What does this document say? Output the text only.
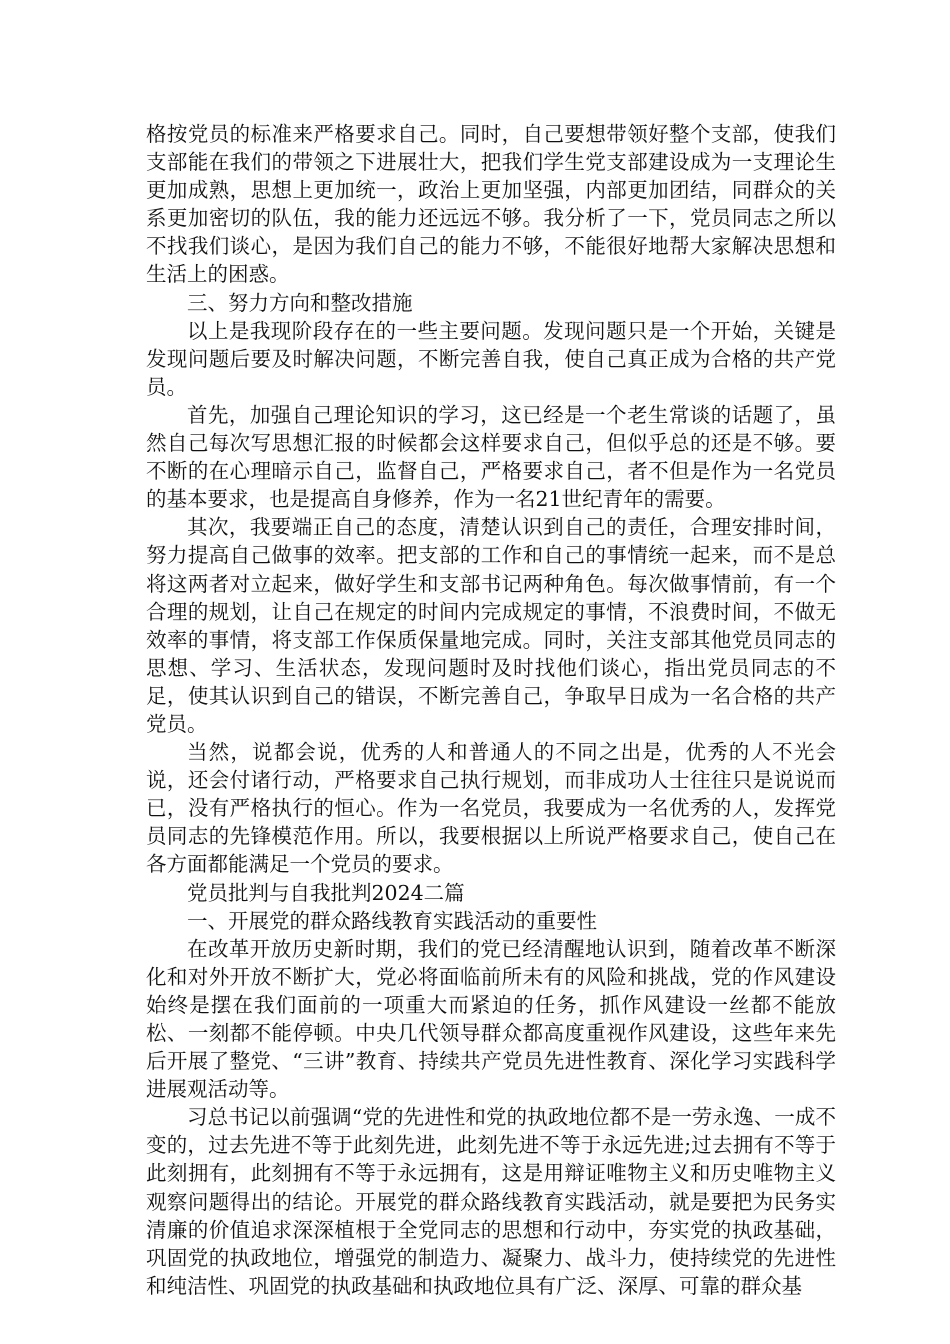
格按党员的标准来严格要求自己。同时，自己要想带领好整个支部，使我们支部能在我们的带领之下进展壮大，把我们学生党支部建设成为一支理论生更加成熟，思想上更加统一，政治上更加坚强，内部更加团结，同群众的关系更加密切的队伍，我的能力还远远不够。我分析了一下，党员同志之所以不找我们谈心，是因为我们自己的能力不够，不能很好地帮大家解决思想和生活上的困惑。

三、努力方向和整改措施

以上是我现阶段存在的一些主要问题。发现问题只是一个开始，关键是发现问题后要及时解决问题，不断完善自我，使自己真正成为合格的共产党员。

首先，加强自己理论知识的学习，这已经是一个老生常谈的话题了，虽然自己每次写思想汇报的时候都会这样要求自己，但似乎总的还是不够。要不断的在心理暗示自己，监督自己，严格要求自己，者不但是作为一名党员的基本要求，也是提高自身修养，作为一名21世纪青年的需要。

其次，我要端正自己的态度，清楚认识到自己的责任，合理安排时间，努力提高自己做事的效率。把支部的工作和自己的事情统一起来，而不是总将这两者对立起来，做好学生和支部书记两种角色。每次做事情前，有一个合理的规划，让自己在规定的时间内完成规定的事情，不浪费时间，不做无效率的事情，将支部工作保质保量地完成。同时，关注支部其他党员同志的思想、学习、生活状态，发现问题时及时找他们谈心，指出党员同志的不足，使其认识到自己的错误，不断完善自己，争取早日成为一名合格的共产党员。

当然，说都会说，优秀的人和普通人的不同之出是，优秀的人不光会说，还会付诸行动，严格要求自己执行规划，而非成功人士往往只是说说而已，没有严格执行的恒心。作为一名党员，我要成为一名优秀的人，发挥党员同志的先锋模范作用。所以，我要根据以上所说严格要求自己，使自己在各方面都能满足一个党员的要求。

党员批判与自我批判2024二篇

一、开展党的群众路线教育实践活动的重要性

在改革开放历史新时期，我们的党已经清醒地认识到，随着改革不断深化和对外开放不断扩大，党必将面临前所未有的风险和挑战，党的作风建设始终是摆在我们面前的一项重大而紧迫的任务，抓作风建设一丝都不能放松、一刻都不能停顿。中央几代领导群众都高度重视作风建设，这些年来先后开展了整党、“三讲”教育、持续共产党员先进性教育、深化学习实践科学进展观活动等。

习总书记以前强调“党的先进性和党的执政地位都不是一劳永逸、一成不变的，过去先进不等于此刻先进，此刻先进不等于永远先进;过去拥有不等于此刻拥有，此刻拥有不等于永远拥有，这是用辩证唯物主义和历史唯物主义观察问题得出的结论。开展党的群众路线教育实践活动，就是要把为民务实清廉的价值追求深深植根于全党同志的思想和行动中，夯实党的执政基础，巩固党的执政地位，增强党的制造力、凝聚力、战斗力，使持续党的先进性和纯洁性、巩固党的执政基础和执政地位具有广泛、深厚、可靠的群众基
